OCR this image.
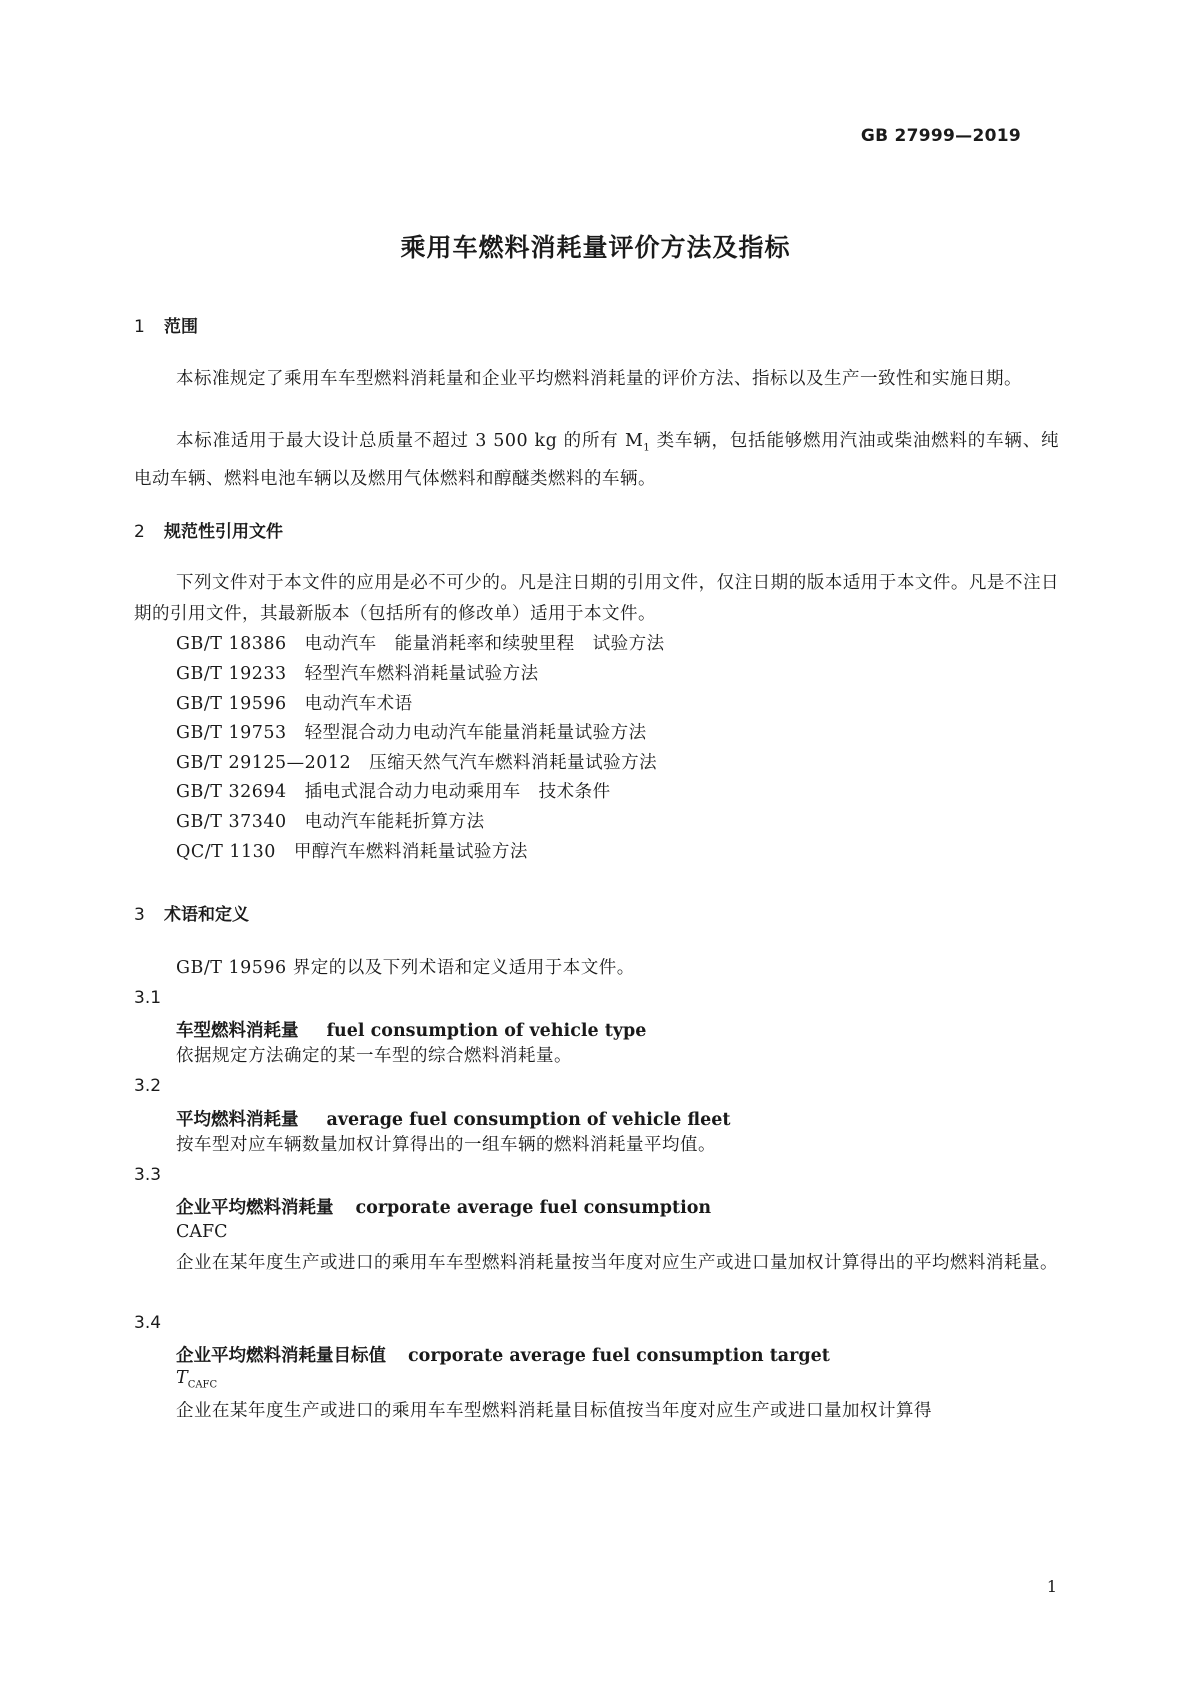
GB 27999—2019
乘用车燃料消耗量评价方法及指标
1 范围
本标准规定了乘用车车型燃料消耗量和企业平均燃料消耗量的评价方法、指标以及生产一致性和实施日期。
本标准适用于最大设计总质量不超过 3 500 kg 的所有 $M_1$ 类车辆，包括能够燃用汽油或柴油燃料的车辆、纯电动车辆、燃料电池车辆以及燃用气体燃料和醇醚类燃料的车辆。
2 规范性引用文件
下列文件对于本文件的应用是必不可少的。凡是注日期的引用文件，仅注日期的版本适用于本文件。凡是不注日期的引用文件，其最新版本（包括所有的修改单）适用于本文件。
GB/T 18386　电动汽车　能量消耗率和续驶里程　试验方法
GB/T 19233　轻型汽车燃料消耗量试验方法
GB/T 19596　电动汽车术语
GB/T 19753　轻型混合动力电动汽车能量消耗量试验方法
GB/T 29125—2012　压缩天然气汽车燃料消耗量试验方法
GB/T 32694　插电式混合动力电动乘用车　技术条件
GB/T 37340　电动汽车能耗折算方法
QC/T 1130　甲醇汽车燃料消耗量试验方法
3 术语和定义
GB/T 19596 界定的以及下列术语和定义适用于本文件。
3.1
车型燃料消耗量 fuel consumption of vehicle type
依据规定方法确定的某一车型的综合燃料消耗量。
3.2
平均燃料消耗量 average fuel consumption of vehicle fleet
按车型对应车辆数量加权计算得出的一组车辆的燃料消耗量平均值。
3.3
企业平均燃料消耗量 corporate average fuel consumption
CAFC
企业在某年度生产或进口的乘用车车型燃料消耗量按当年度对应生产或进口量加权计算得出的平均燃料消耗量。
3.4
企业平均燃料消耗量目标值 corporate average fuel consumption target
$T_{CAFC}$
企业在某年度生产或进口的乘用车车型燃料消耗量目标值按当年度对应生产或进口量加权计算得
1
